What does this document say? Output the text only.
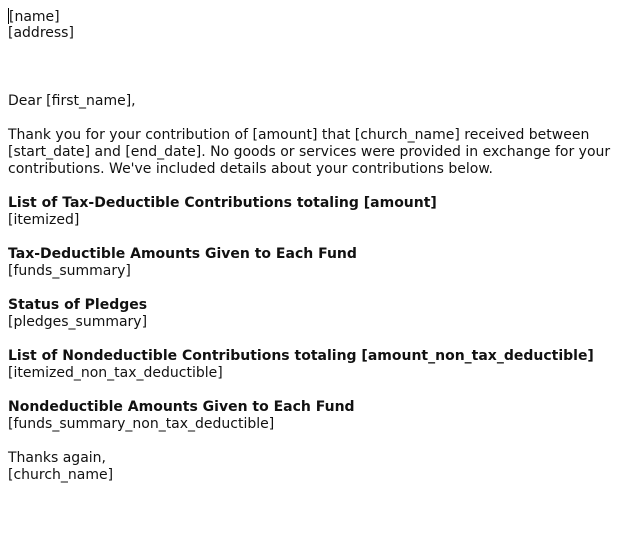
[name]
[address]
Dear [first_name],
Thank you for your contribution of [amount] that [church_name] received between
[start_date] and [end_date]. No goods or services were provided in exchange for your
contributions. We've included details about your contributions below.
List of Tax-Deductible Contributions totaling [amount]
[itemized]
Tax-Deductible Amounts Given to Each Fund
[funds_summary]
Status of Pledges
[pledges_summary]
List of Nondeductible Contributions totaling [amount_non_tax_deductible]
[itemized_non_tax_deductible]
Nondeductible Amounts Given to Each Fund
[funds_summary_non_tax_deductible]
Thanks again,
[church_name]
